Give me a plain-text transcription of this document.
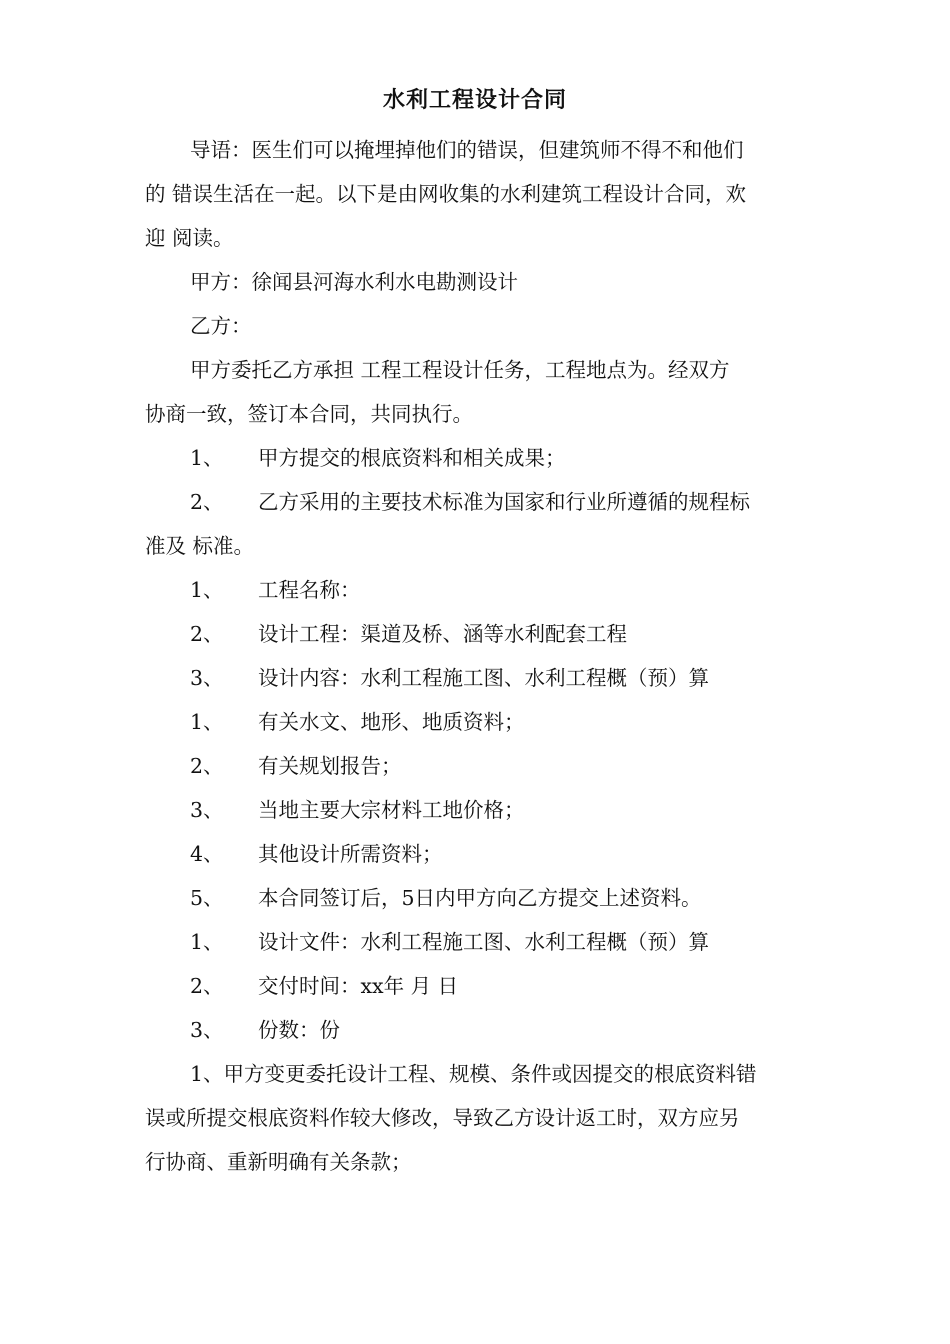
水利工程设计合同
导语：医生们可以掩埋掉他们的错误，但建筑师不得不和他们
的 错误生活在一起。以下是由网收集的水利建筑工程设计合同，欢
迎 阅读。
甲方：徐闻县河海水利水电勘测设计
乙方：
甲方委托乙方承担 工程工程设计任务，工程地点为。经双方
协商一致，签订本合同，共同执行。
1、 甲方提交的根底资料和相关成果；
2、 乙方采用的主要技术标准为国家和行业所遵循的规程标
准及 标准。
1、 工程名称：
2、 设计工程：渠道及桥、涵等水利配套工程
3、 设计内容：水利工程施工图、水利工程概（预）算
1、 有关水文、地形、地质资料；
2、 有关规划报告；
3、 当地主要大宗材料工地价格；
4、 其他设计所需资料；
5、 本合同签订后，5日内甲方向乙方提交上述资料。
1、 设计文件：水利工程施工图、水利工程概（预）算
2、 交付时间：xx年 月 日
3、 份数：份
1、甲方变更委托设计工程、规模、条件或因提交的根底资料错
误或所提交根底资料作较大修改，导致乙方设计返工时，双方应另
行协商、重新明确有关条款；
